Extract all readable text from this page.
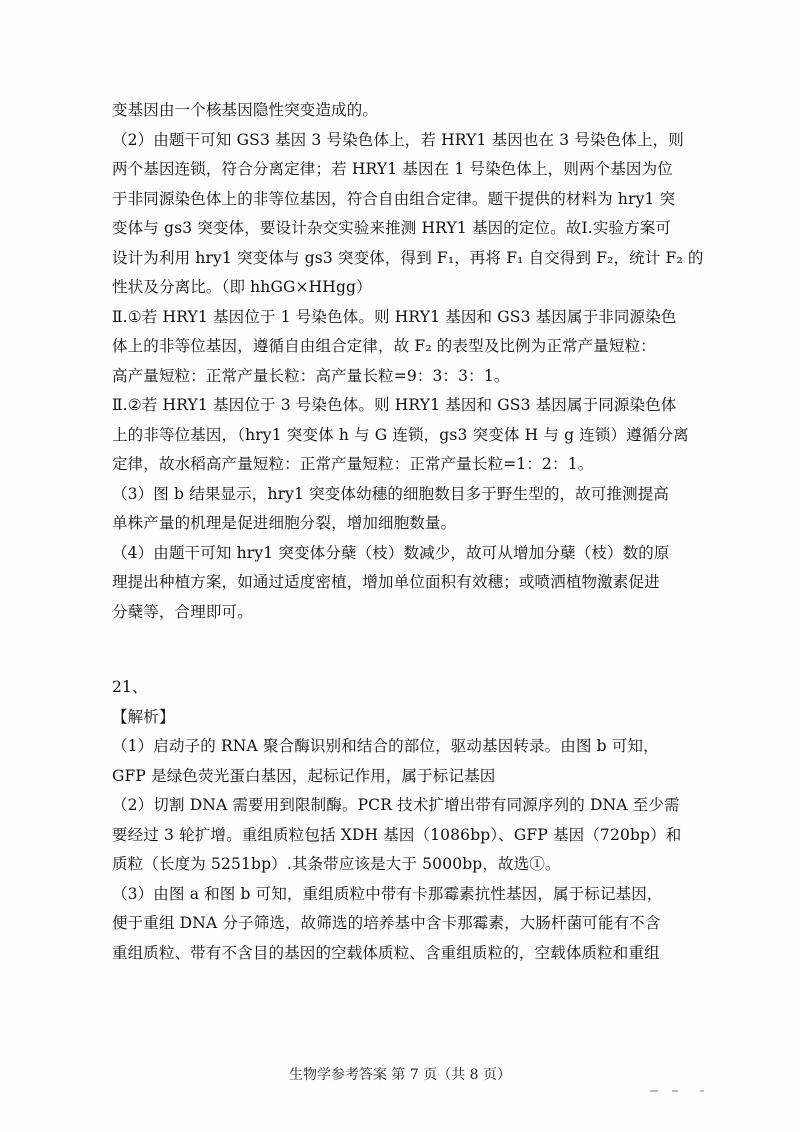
变基因由一个核基因隐性突变造成的。
（2）由题干可知 GS3 基因 3 号染色体上，若 HRY1 基因也在 3 号染色体上，则
两个基因连锁，符合分离定律；若 HRY1 基因在 1 号染色体上，则两个基因为位
于非同源染色体上的非等位基因，符合自由组合定律。题干提供的材料为 hry1 突
变体与 gs3 突变体，要设计杂交实验来推测 HRY1 基因的定位。故Ⅰ.实验方案可
设计为利用 hry1 突变体与 gs3 突变体，得到 F₁，再将 F₁ 自交得到 F₂，统计 F₂ 的
性状及分离比。（即 hhGG×HHgg）
Ⅱ.①若 HRY1 基因位于 1 号染色体。则 HRY1 基因和 GS3 基因属于非同源染色
体上的非等位基因，遵循自由组合定律，故 F₂ 的表型及比例为正常产量短粒：
高产量短粒：正常产量长粒：高产量长粒=9：3：3：1。
Ⅱ.②若 HRY1 基因位于 3 号染色体。则 HRY1 基因和 GS3 基因属于同源染色体
上的非等位基因，（hry1 突变体 h 与 G 连锁，gs3 突变体 H 与 g 连锁）遵循分离
定律，故水稻高产量短粒：正常产量短粒：正常产量长粒=1：2：1。
（3）图 b 结果显示，hry1 突变体幼穗的细胞数目多于野生型的，故可推测提高
单株产量的机理是促进细胞分裂，增加细胞数量。
（4）由题干可知 hry1 突变体分蘖（枝）数减少，故可从增加分蘖（枝）数的原
理提出种植方案，如通过适度密植，增加单位面积有效穗；或喷洒植物激素促进
分蘖等，合理即可。
21、
【解析】
（1）启动子的 RNA 聚合酶识别和结合的部位，驱动基因转录。由图 b 可知，
GFP 是绿色荧光蛋白基因，起标记作用，属于标记基因
（2）切割 DNA 需要用到限制酶。PCR 技术扩增出带有同源序列的 DNA 至少需
要经过 3 轮扩增。重组质粒包括 XDH 基因（1086bp）、GFP 基因（720bp）和
质粒（长度为 5251bp）.其条带应该是大于 5000bp，故选①。
（3）由图 a 和图 b 可知，重组质粒中带有卡那霉素抗性基因，属于标记基因，
便于重组 DNA 分子筛选，故筛选的培养基中含卡那霉素，大肠杆菌可能有不含
重组质粒、带有不含目的基因的空载体质粒、含重组质粒的，空载体质粒和重组
生物学参考答案 第 7 页（共 8 页）
